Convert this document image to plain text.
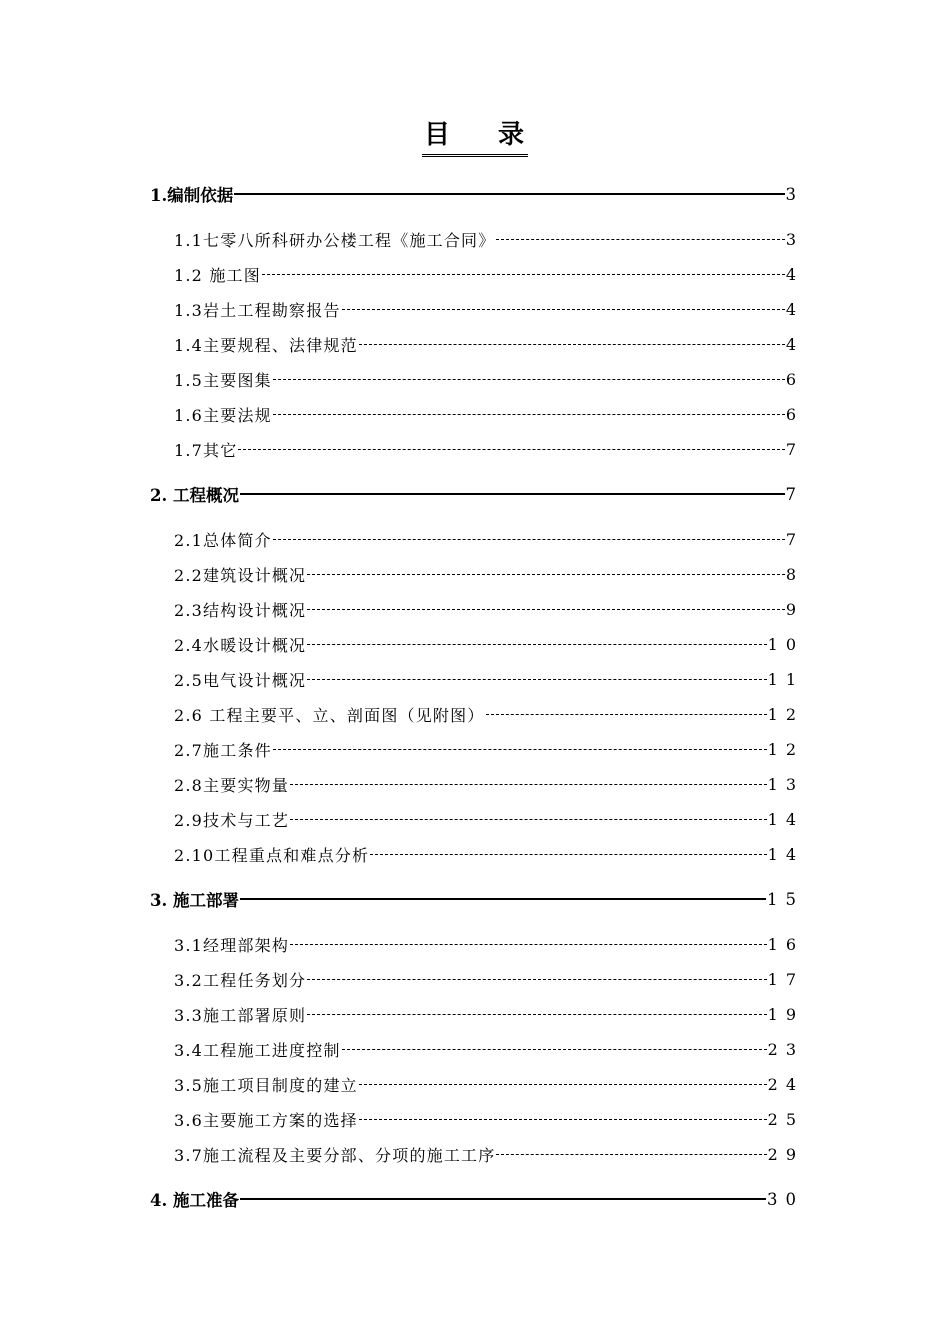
目 录
1.编制依据	3
1.1七零八所科研办公楼工程《施工合同》	3
1.2 施工图	4
1.3岩土工程勘察报告	4
1.4主要规程、法律规范	4
1.5主要图集	6
1.6主要法规	6
1.7其它	7
2. 工程概况	7
2.1总体简介	7
2.2建筑设计概况	8
2.3结构设计概况	9
2.4水暖设计概况	10
2.5电气设计概况	11
2.6 工程主要平、立、剖面图（见附图）	12
2.7施工条件	12
2.8主要实物量	13
2.9技术与工艺	14
2.10工程重点和难点分析	14
3. 施工部署	15
3.1经理部架构	16
3.2工程任务划分	17
3.3施工部署原则	19
3.4工程施工进度控制	23
3.5施工项目制度的建立	24
3.6主要施工方案的选择	25
3.7施工流程及主要分部、分项的施工工序	29
4. 施工准备	30
